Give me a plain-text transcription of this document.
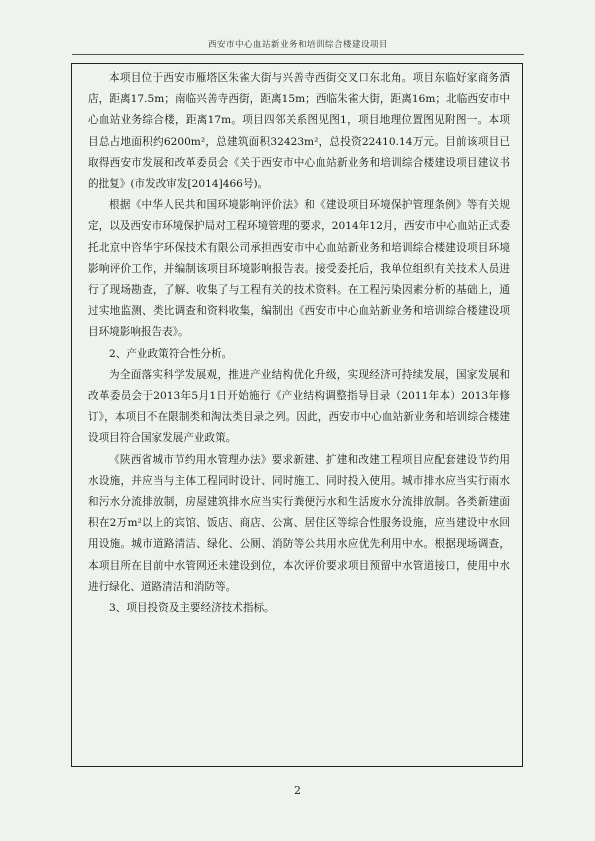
西安市中心血站新业务和培训综合楼建设项目

本项目位于西安市雁塔区朱雀大街与兴善寺西街交叉口东北角。项目东临好家商务酒店，距离17.5m；南临兴善寺西街，距离15m；西临朱雀大街，距离16m；北临西安市中心血站业务综合楼，距离17m。项目四邻关系图见图1，项目地理位置图见附图一。本项目总占地面积约6200m²，总建筑面积32423m²，总投资22410.14万元。目前该项目已取得西安市发展和改革委员会《关于西安市中心血站新业务和培训综合楼建设项目建议书的批复》(市发改审发[2014]466号)。

根据《中华人民共和国环境影响评价法》和《建设项目环境保护管理条例》等有关规定，以及西安市环境保护局对工程环境管理的要求，2014年12月，西安市中心血站正式委托北京中咨华宇环保技术有限公司承担西安市中心血站新业务和培训综合楼建设项目环境影响评价工作，并编制该项目环境影响报告表。接受委托后，我单位组织有关技术人员进行了现场勘查，了解、收集了与工程有关的技术资料。在工程污染因素分析的基础上，通过实地监测、类比调查和资料收集，编制出《西安市中心血站新业务和培训综合楼建设项目环境影响报告表》。

2、产业政策符合性分析。

为全面落实科学发展观，推进产业结构优化升级，实现经济可持续发展，国家发展和改革委员会于2013年5月1日开始施行《产业结构调整指导目录（2011年本）2013年修订》，本项目不在限制类和淘汰类目录之列。因此，西安市中心血站新业务和培训综合楼建设项目符合国家发展产业政策。

《陕西省城市节约用水管理办法》要求新建、扩建和改建工程项目应配套建设节约用水设施，并应当与主体工程同时设计、同时施工、同时投入使用。城市排水应当实行雨水和污水分流排放制，房屋建筑排水应当实行粪便污水和生活废水分流排放制。各类新建面积在2万m²以上的宾馆、饭店、商店、公寓、居住区等综合性服务设施，应当建设中水回用设施。城市道路清洁、绿化、公厕、消防等公共用水应优先利用中水。根据现场调查，本项目所在目前中水管网还未建设到位，本次评价要求项目预留中水管道接口，使用中水进行绿化、道路清洁和消防等。

3、项目投资及主要经济技术指标。

2
